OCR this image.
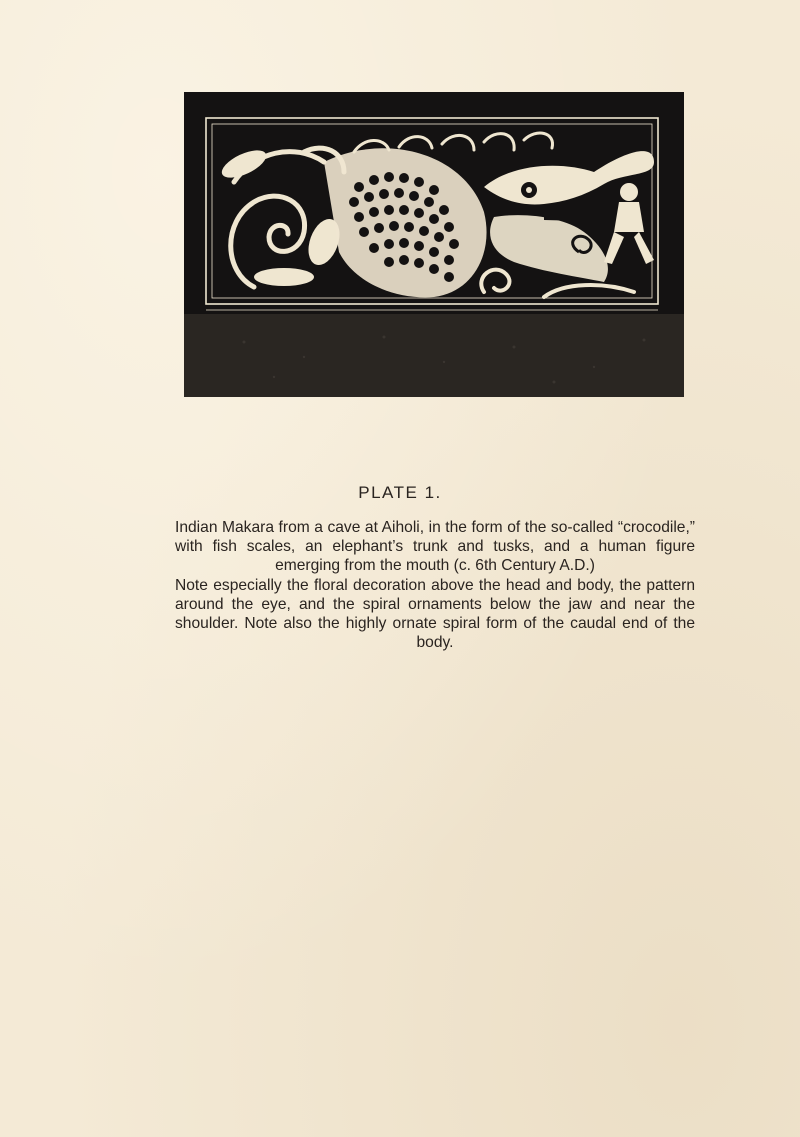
PLATE 1.

Indian Makara from a cave at Aiholi, in the form of the so-called “crocodile,” with fish scales, an elephant’s trunk and tusks, and a human figure emerging from the mouth (c. 6th Century A.D.)

Note especially the floral decoration above the head and body, the pattern around the eye, and the spiral ornaments below the jaw and near the shoulder. Note also the highly ornate spiral form of the caudal end of the body.
